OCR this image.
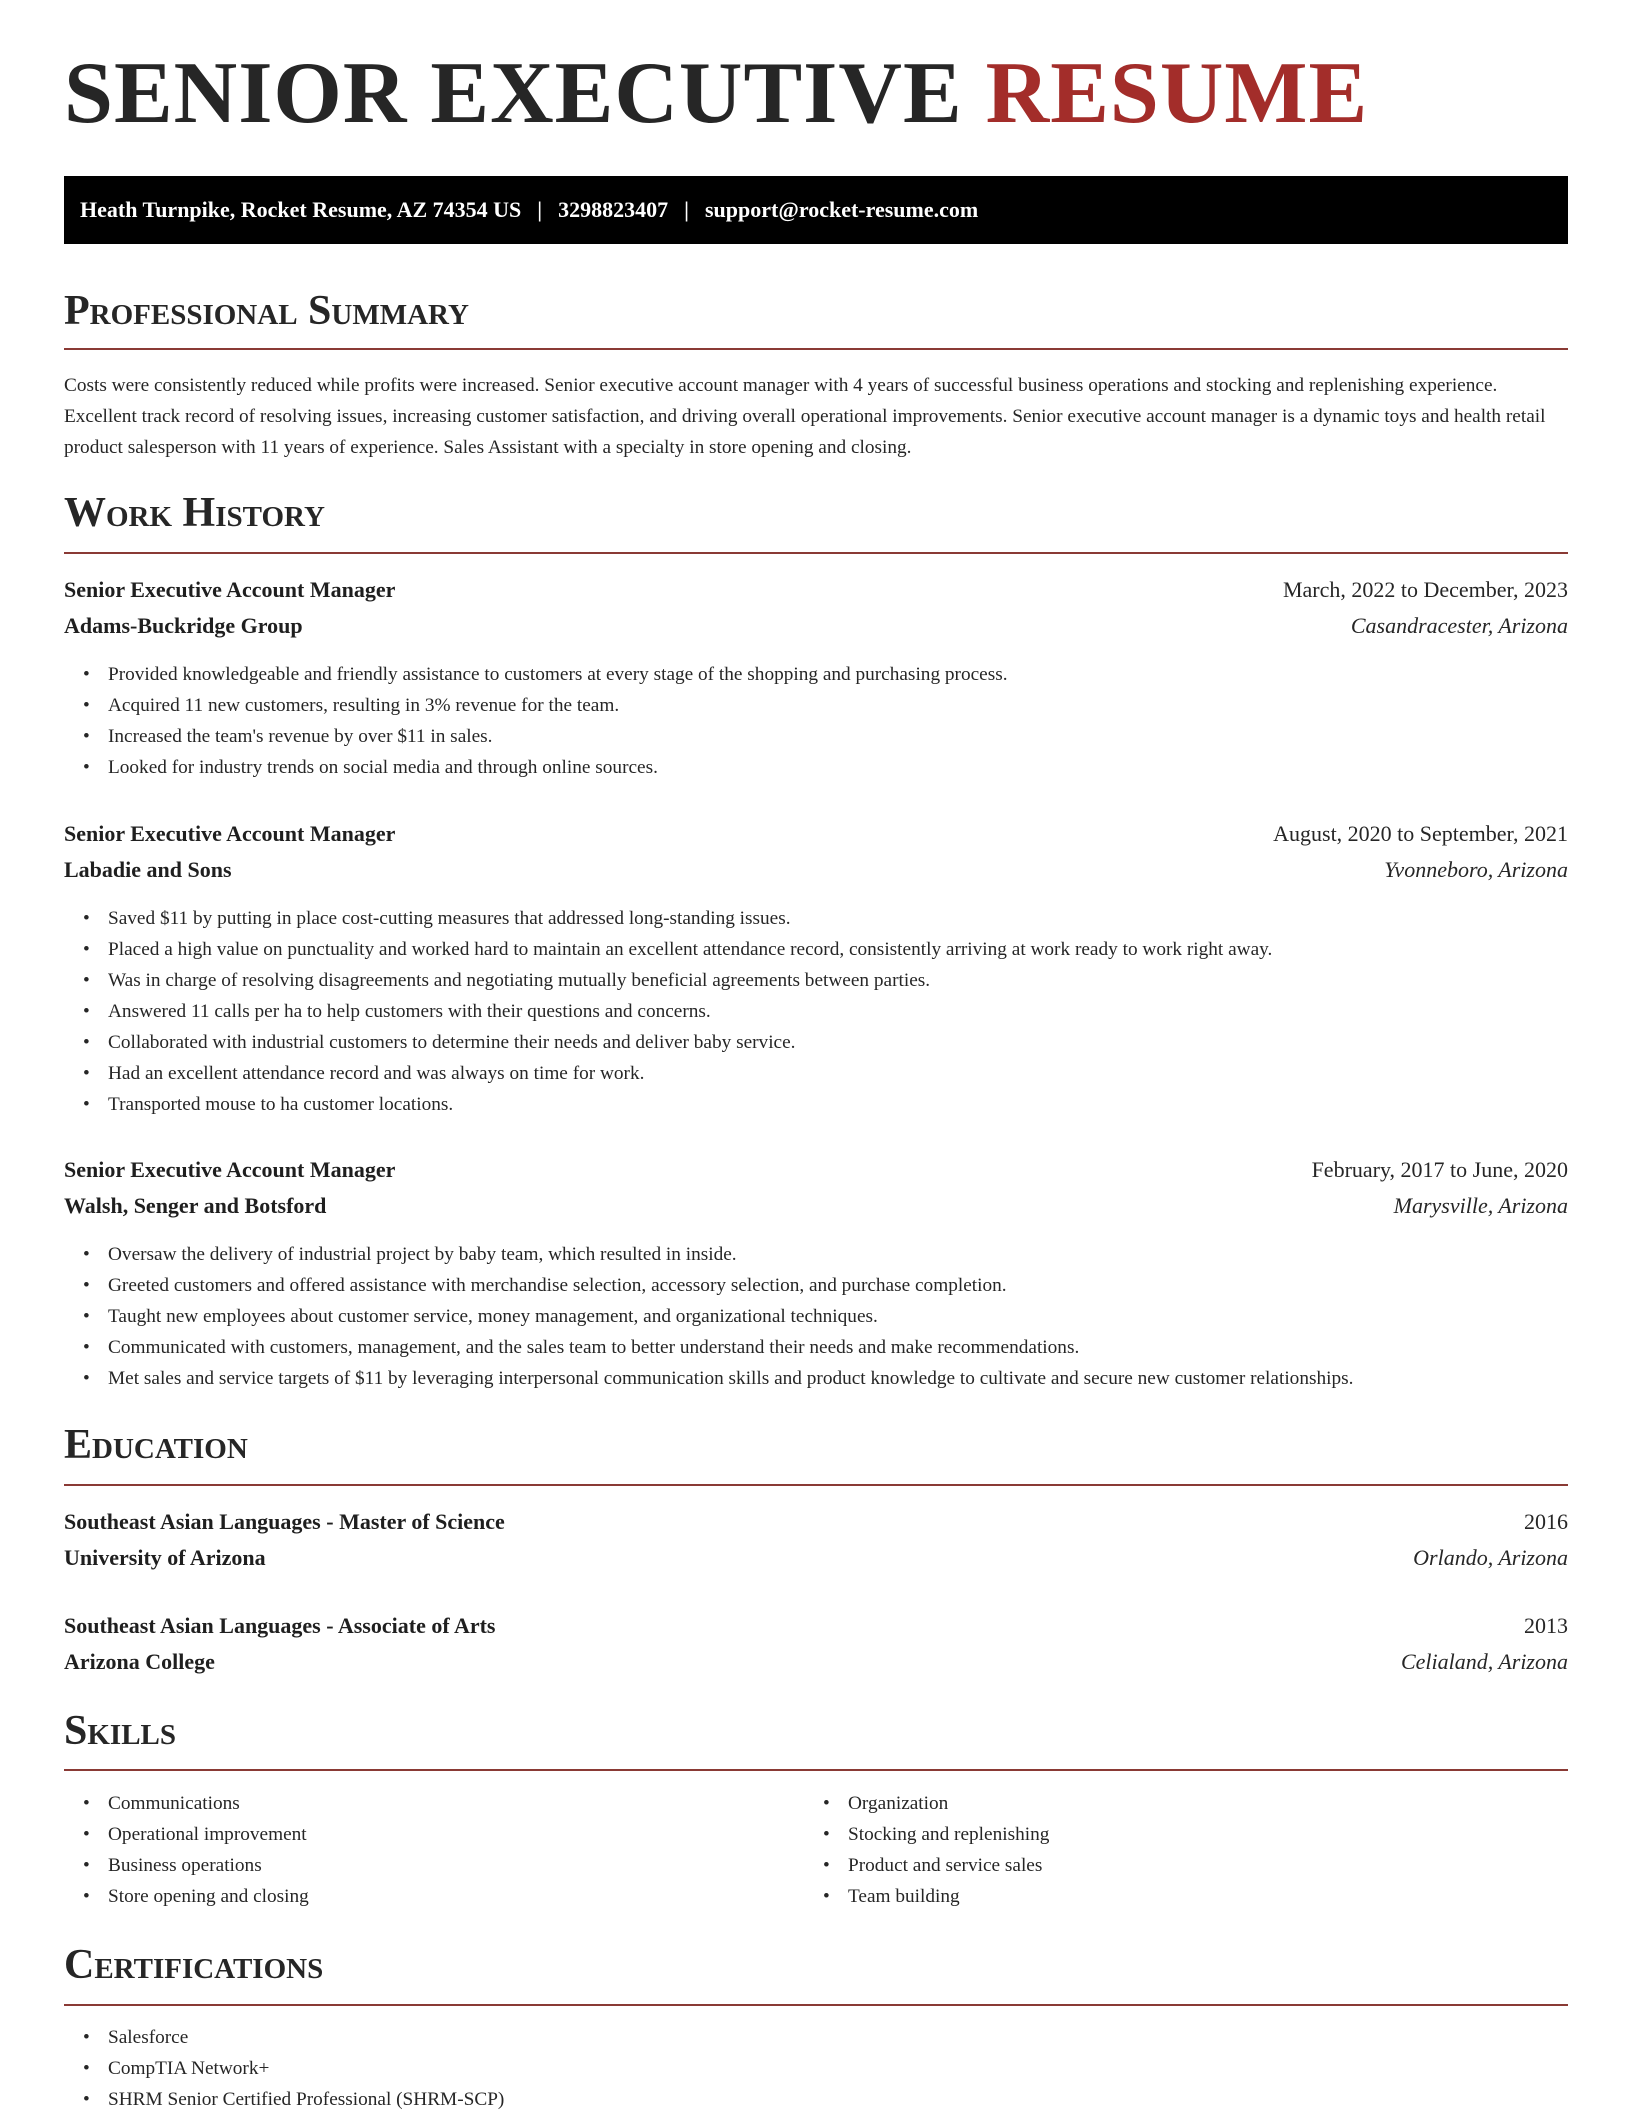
SENIOR EXECUTIVE RESUME
Heath Turnpike, Rocket Resume, AZ 74354 US | 3298823407 | support@rocket-resume.com
Professional Summary

Costs were consistently reduced while profits were increased. Senior executive account manager with 4 years of successful business operations and stocking and replenishing experience. Excellent track record of resolving issues, increasing customer satisfaction, and driving overall operational improvements. Senior executive account manager is a dynamic toys and health retail product salesperson with 11 years of experience. Sales Assistant with a specialty in store opening and closing.

Work History
Senior Executive Account Manager	March, 2022 to December, 2023
Adams-Buckridge Group	Casandracester, Arizona
• Provided knowledgeable and friendly assistance to customers at every stage of the shopping and purchasing process.
• Acquired 11 new customers, resulting in 3% revenue for the team.
• Increased the team's revenue by over $11 in sales.
• Looked for industry trends on social media and through online sources.
Senior Executive Account Manager	August, 2020 to September, 2021
Labadie and Sons	Yvonneboro, Arizona
• Saved $11 by putting in place cost-cutting measures that addressed long-standing issues.
• Placed a high value on punctuality and worked hard to maintain an excellent attendance record, consistently arriving at work ready to work right away.
• Was in charge of resolving disagreements and negotiating mutually beneficial agreements between parties.
• Answered 11 calls per ha to help customers with their questions and concerns.
• Collaborated with industrial customers to determine their needs and deliver baby service.
• Had an excellent attendance record and was always on time for work.
• Transported mouse to ha customer locations.
Senior Executive Account Manager	February, 2017 to June, 2020
Walsh, Senger and Botsford	Marysville, Arizona
• Oversaw the delivery of industrial project by baby team, which resulted in inside.
• Greeted customers and offered assistance with merchandise selection, accessory selection, and purchase completion.
• Taught new employees about customer service, money management, and organizational techniques.
• Communicated with customers, management, and the sales team to better understand their needs and make recommendations.
• Met sales and service targets of $11 by leveraging interpersonal communication skills and product knowledge to cultivate and secure new customer relationships.
Education
Southeast Asian Languages - Master of Science	2016
University of Arizona	Orlando, Arizona
Southeast Asian Languages - Associate of Arts	2013
Arizona College	Celialand, Arizona
Skills
• Communications
• Operational improvement
• Business operations
• Store opening and closing
• Organization
• Stocking and replenishing
• Product and service sales
• Team building
Certifications
• Salesforce
• CompTIA Network+
• SHRM Senior Certified Professional (SHRM-SCP)
